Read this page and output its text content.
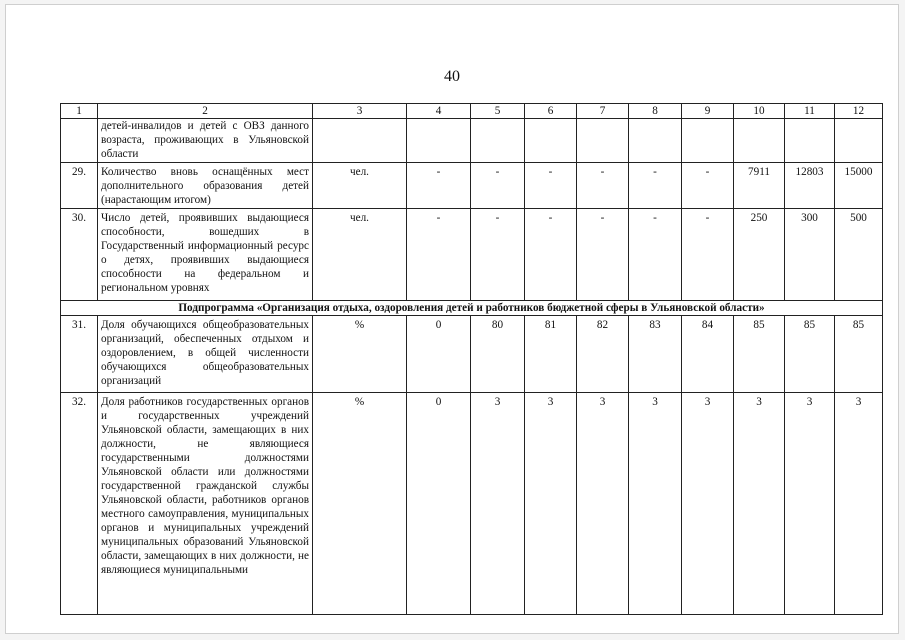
40
1	2	3	4	5	6	7	8	9	10	11	12
	детей-инвалидов и детей с ОВЗ данного возраста, проживающих в Ульяновской области										
29.	Количество вновь оснащённых мест дополнительного образования детей (нарастающим итогом)	чел.	-	-	-	-	-	-	7911	12803	15000
30.	Число детей, проявивших выдающиеся способности, вошедших в Государственный информационный ресурс о детях, проявивших выдающиеся способности на федеральном и региональном уровнях	чел.	-	-	-	-	-	-	250	300	500
Подпрограмма «Организация отдыха, оздоровления детей и работников бюджетной сферы в Ульяновской области»											
31.	Доля обучающихся общеобразовательных организаций, обеспеченных отдыхом и оздоровлением, в общей численности обучающихся общеобразовательных организаций	%	0	80	81	82	83	84	85	85	85
32.	Доля работников государственных органов и государственных учреждений Ульяновской области, замещающих в них должности, не являющиеся государственными должностями Ульяновской области или должностями государственной гражданской службы Ульяновской области, работников органов местного самоуправления, муниципальных органов и муниципальных учреждений муниципальных образований Ульяновской области, замещающих в них должности, не являющиеся муниципальными	%	0	3	3	3	3	3	3	3	3
